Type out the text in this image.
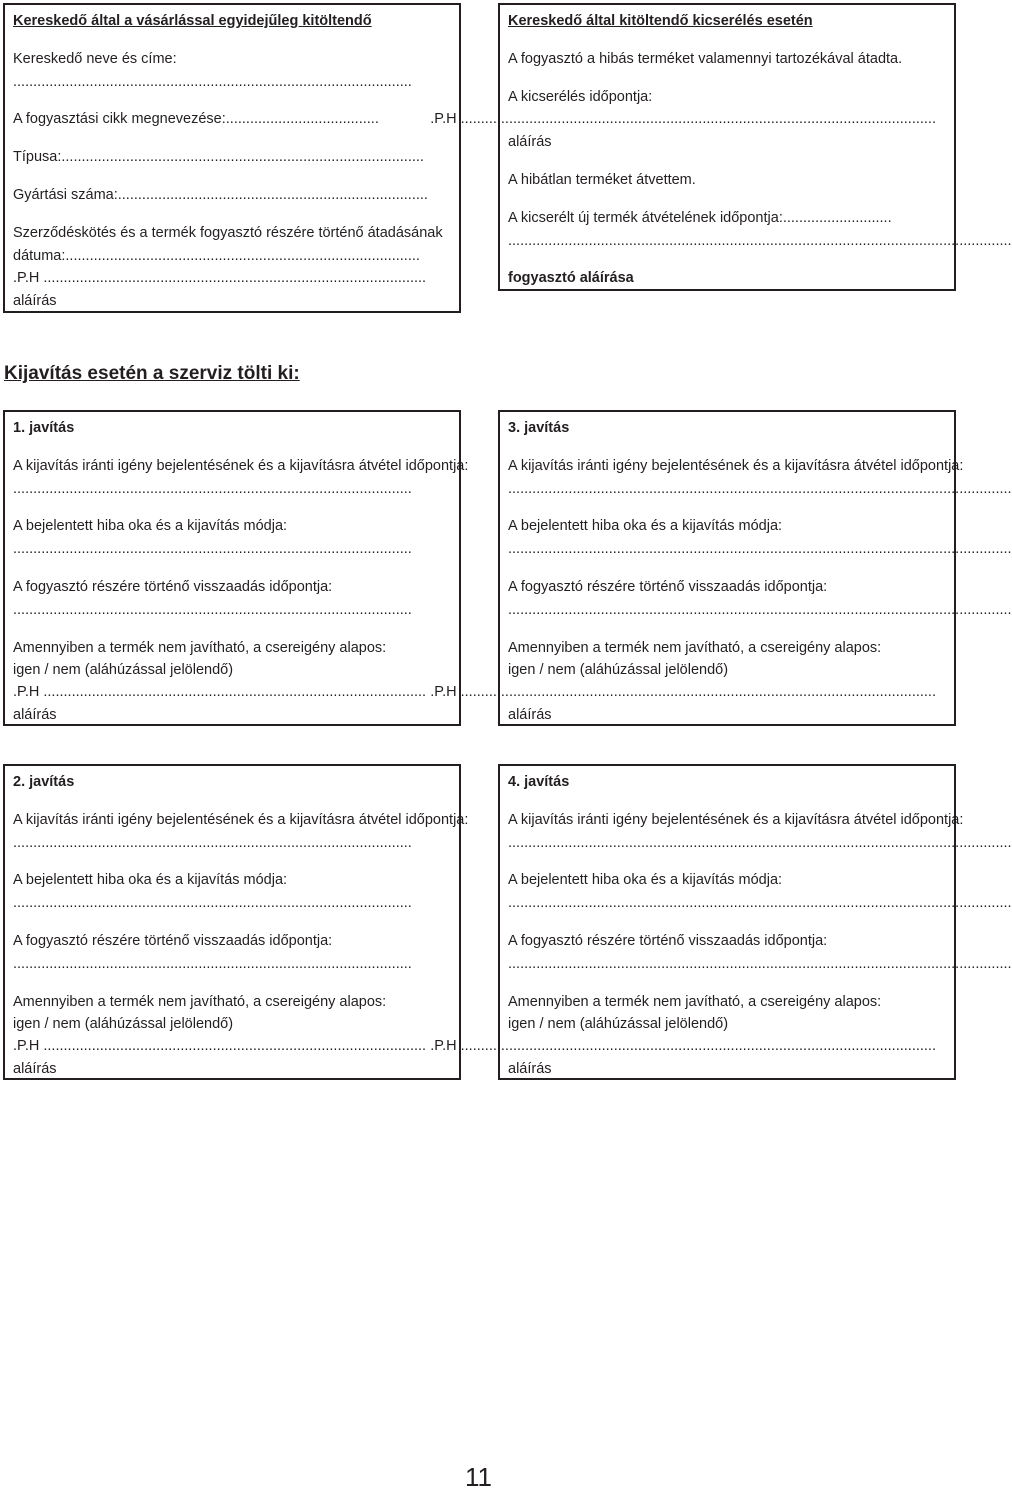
Kereskedő által a vásárlással egyidejűleg kitöltendő
Kereskedő neve és címe:
...................................................................................................
A fogyasztási cikk megnevezése:......................................
Típusa:..........................................................................................
Gyártási száma:.............................................................................
Szerződéskötés és a termék fogyasztó részére történő átadásának
dátuma:........................................................................................
............................................................................................... P.H.
aláírás
Kereskedő által kitöltendő kicserélés esetén
A fogyasztó a hibás terméket valamennyi tartozékával átadta.
A kicserélés időpontja:
...................................................................................................................... P.H.
aláírás
A hibátlan terméket átvettem.
A kicserélt új termék átvételének időpontja:...........................
.............................................................................................................................
fogyasztó aláírása
Kijavítás esetén a szerviz tölti ki:
1. javítás
A kijavítás iránti igény bejelentésének és a kijavításra átvétel időpontja:
...................................................................................................
A bejelentett hiba oka és a kijavítás módja:
...................................................................................................
A fogyasztó részére történő visszaadás időpontja:
...................................................................................................
Amennyiben a termék nem javítható, a csereigény alapos:
igen / nem (aláhúzással jelölendő)
............................................................................................... P.H.
aláírás
3. javítás
A kijavítás iránti igény bejelentésének és a kijavításra átvétel időpontja:
.............................................................................................................................
A bejelentett hiba oka és a kijavítás módja:
.............................................................................................................................
A fogyasztó részére történő visszaadás időpontja:
.............................................................................................................................
Amennyiben a termék nem javítható, a csereigény alapos:
igen / nem (aláhúzással jelölendő)
...................................................................................................................... P.H.
aláírás
2. javítás
A kijavítás iránti igény bejelentésének és a kijavításra átvétel időpontja:
...................................................................................................
A bejelentett hiba oka és a kijavítás módja:
...................................................................................................
A fogyasztó részére történő visszaadás időpontja:
...................................................................................................
Amennyiben a termék nem javítható, a csereigény alapos:
igen / nem (aláhúzással jelölendő)
............................................................................................... P.H.
aláírás
4. javítás
A kijavítás iránti igény bejelentésének és a kijavításra átvétel időpontja:
.............................................................................................................................
A bejelentett hiba oka és a kijavítás módja:
.............................................................................................................................
A fogyasztó részére történő visszaadás időpontja:
.............................................................................................................................
Amennyiben a termék nem javítható, a csereigény alapos:
igen / nem (aláhúzással jelölendő)
...................................................................................................................... P.H.
aláírás
11
